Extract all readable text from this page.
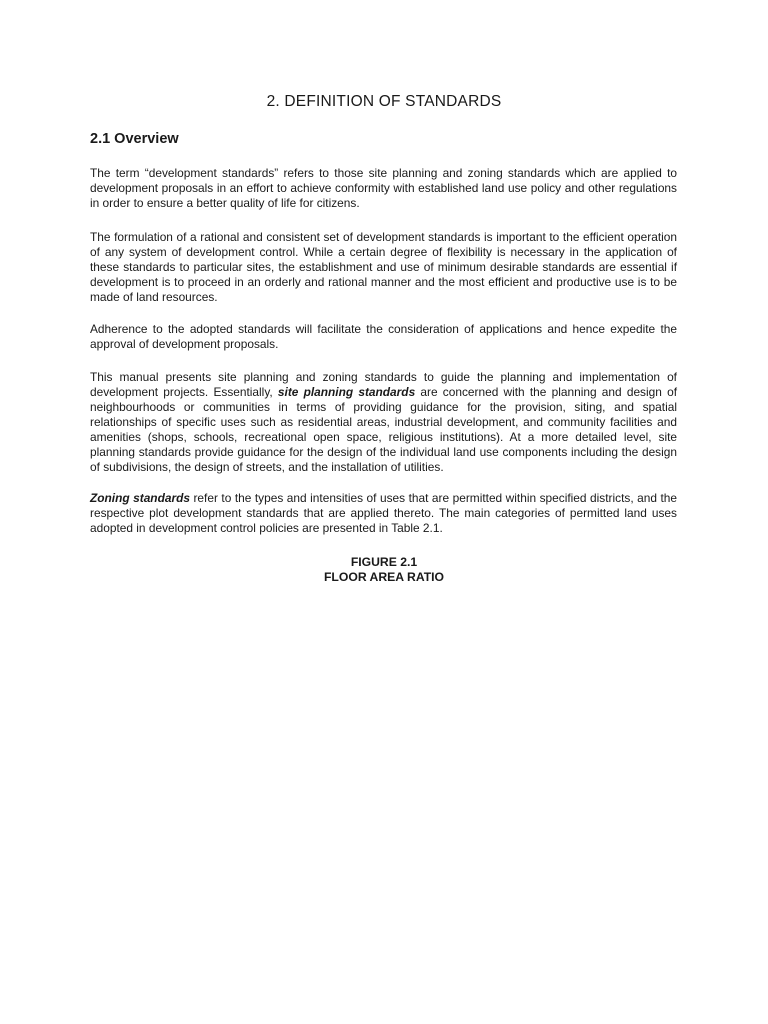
2. DEFINITION OF STANDARDS
2.1 Overview

The term “development standards” refers to those site planning and zoning standards which are applied to development proposals in an effort to achieve conformity with established land use policy and other regulations in order to ensure a better quality of life for citizens.

The formulation of a rational and consistent set of development standards is important to the efficient operation of any system of development control. While a certain degree of flexibility is necessary in the application of these standards to particular sites, the establishment and use of minimum desirable standards are essential if development is to proceed in an orderly and rational manner and the most efficient and productive use is to be made of land resources.

Adherence to the adopted standards will facilitate the consideration of applications and hence expedite the approval of development proposals.

This manual presents site planning and zoning standards to guide the planning and implementation of development projects. Essentially, site planning standards are concerned with the planning and design of neighbourhoods or communities in terms of providing guidance for the provision, siting, and spatial relationships of specific uses such as residential areas, industrial development, and community facilities and amenities (shops, schools, recreational open space, religious institutions). At a more detailed level, site planning standards provide guidance for the design of the individual land use components including the design of subdivisions, the design of streets, and the installation of utilities.

Zoning standards refer to the types and intensities of uses that are permitted within specified districts, and the respective plot development standards that are applied thereto. The main categories of permitted land uses adopted in development control policies are presented in Table 2.1.

FIGURE 2.1

FLOOR AREA RATIO
